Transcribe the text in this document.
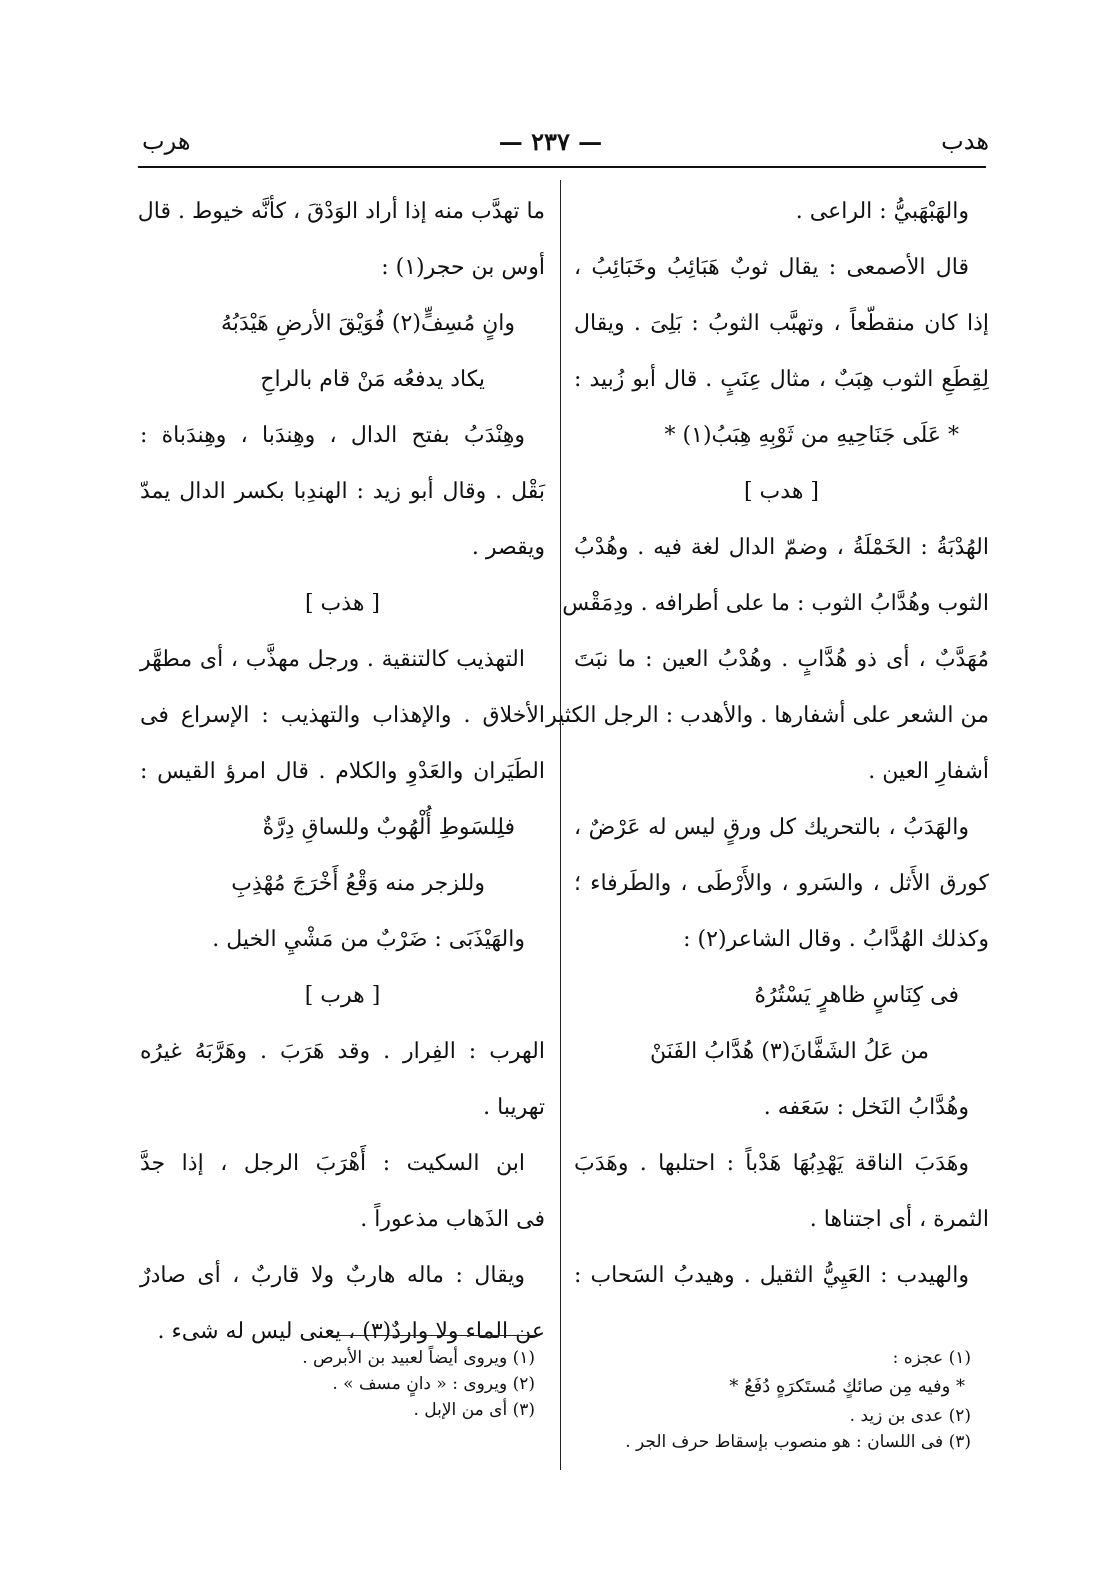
هدب
— ٢٣٧ —
هرب
والهَبْهَبيُّ : الراعى .
قال الأصمعى : يقال ثوبٌ هَبَائِبُ وخَبَائِبُ ،
إذا كان منقطّعاً ، وتهبَّب الثوبُ : بَلِىَ . ويقال
لِقِطَعِ الثوب هِبَبٌ ، مثال عِنَبٍ . قال أبو زُبيد :
* عَلَى جَنَاحِيهِ من ثَوْبِهِ هِبَبُ(١) *
[ هدب ]
الهُدْبَةُ : الخَمْلَةُ ، وضمّ الدال لغة فيه . وهُدْبُ
الثوب وهُدَّابُ الثوب : ما على أطرافه . ودِمَقْس
مُهَدَّبٌ ، أى ذو هُدَّابٍ . وهُدْبُ العين : ما نبَتَ
من الشعر على أشفارها . والأهدب : الرجل الكثير
أشفارِ العين .
والهَدَبُ ، بالتحريك كل ورقٍ ليس له عَرْضٌ ،
كورق الأَثل ، والسَرو ، والأَرْطَى ، والطَرفاء ؛
وكذلك الهُدَّابُ . وقال الشاعر(٢) :
فى كِنَاسٍ ظاهرٍ يَسْتُرُهُ
من عَلُ الشَفَّانَ(٣) هُدَّابُ الفَنَنْ
وهُدَّابُ النَخل : سَعَفه .
وهَدَبَ الناقة يَهْدِبُهَا هَدْباً : احتلبها . وهَدَبَ
الثمرة ، أى اجتناها .
والهيدب : العَيِيُّ الثقيل . وهيدبُ السَحاب :
ما تهدَّب منه إذا أراد الوَدْقَ ، كأنَّه خيوط . قال
أوس بن حجر(١) :
وانٍ مُسِفٍّ(٢) فُوَيْقَ الأرضِ هَيْدَبُهُ
يكاد يدفعُه مَنْ قام بالراحِ
وهِنْدَبُ بفتح الدال ، وهِندَبا ، وهِندَباة :
بَقْل . وقال أبو زيد : الهندِبا بكسر الدال يمدّ
ويقصر .
[ هذب ]
التهذيب كالتنقية . ورجل مهذَّب ، أى مطهَّر
الأخلاق . والإهذاب والتهذيب : الإسراع فى
الطَيَران والعَدْوِ والكلام . قال امرؤ القيس :
فلِلسَوطِ أُلْهُوبٌ وللساقِ دِرَّةٌ
وللزجر منه وَقْعُ أَخْرَجَ مُهْذِبِ
والهَيْذَبَى : ضَرْبٌ من مَشْيِ الخيل .
[ هرب ]
الهرب : الفِرار . وقد هَرَبَ . وهَرَّبَهُ غيرُه
تهريبا .
ابن السكيت : أَهْرَبَ الرجل ، إذا جدَّ
فى الذَهاب مذعوراً .
ويقال : ماله هاربٌ ولا قاربٌ ، أى صادرٌ
عن الماء ولا واردٌ(٣) ، يعنى ليس له شىء .
(١) عجزه :
* وفيه مِن صائكٍ مُستَكرَهٍ دُفَعُ *
(٢) عدى بن زيد .
(٣) فى اللسان : هو منصوب بإسقاط حرف الجر .
(١) ويروى أيضاً لعبيد بن الأبرص .
(٢) ويروى : « دانٍ مسف » .
(٣) أى من الإبل .
